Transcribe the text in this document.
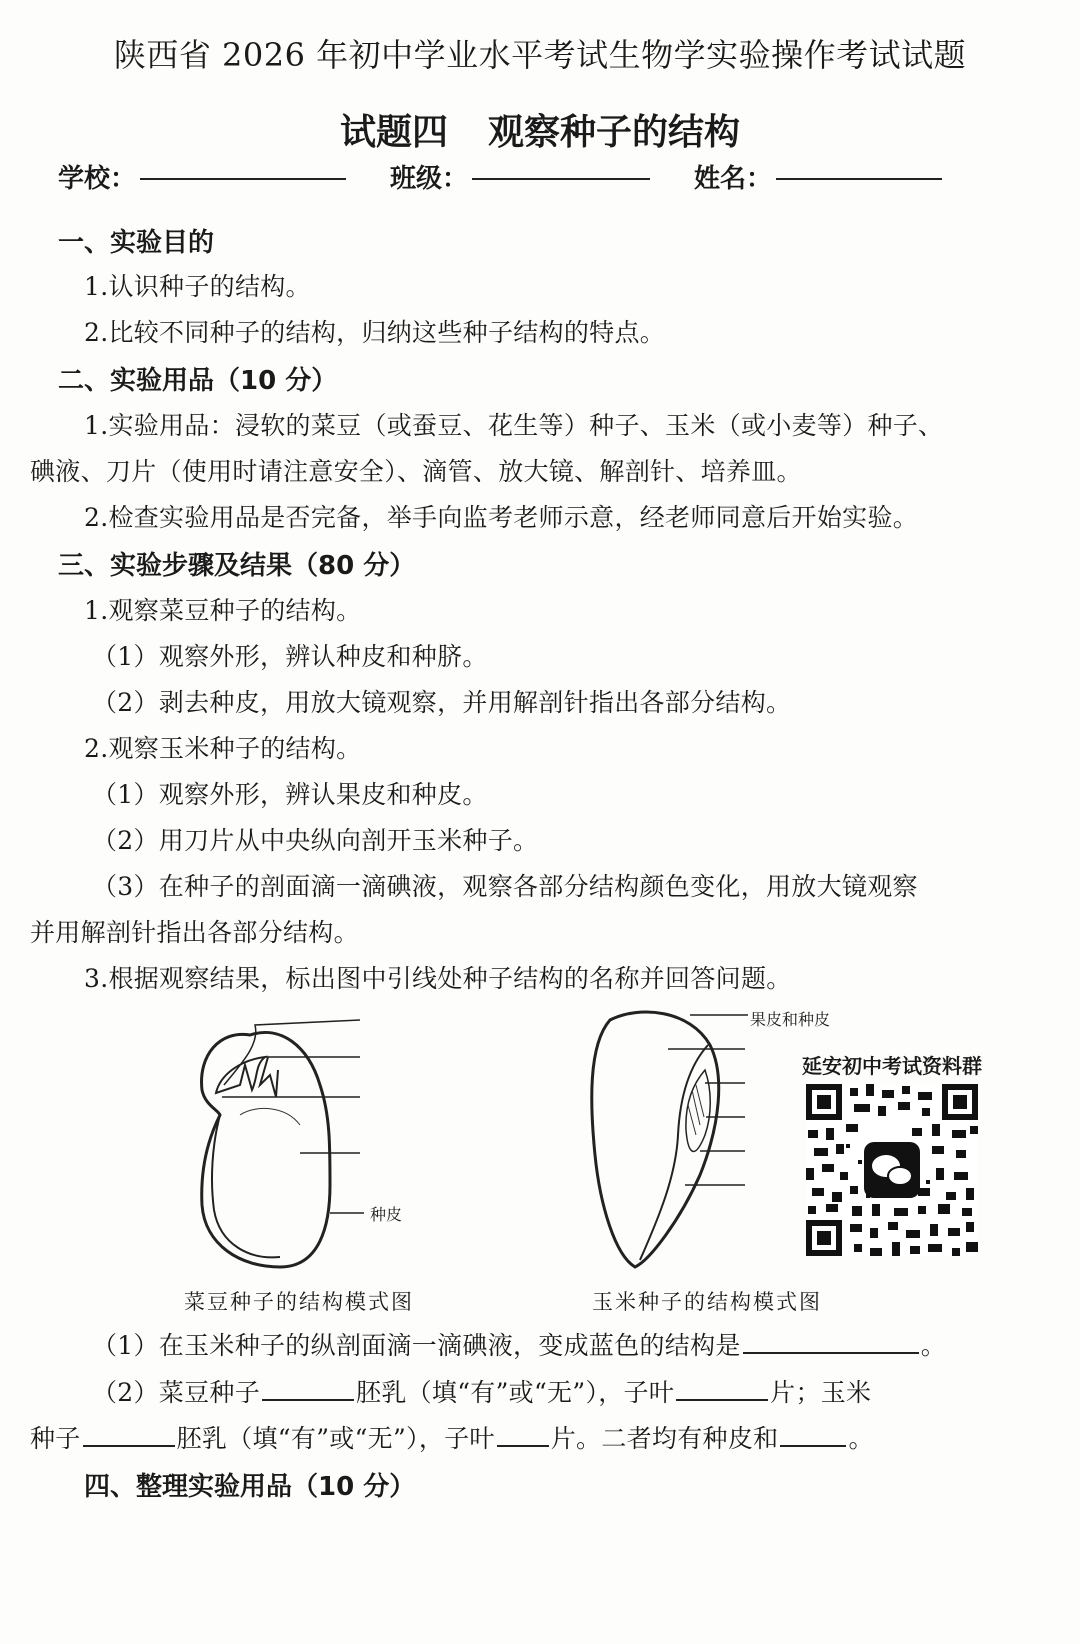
陕西省 2026 年初中学业水平考试生物学实验操作考试试题
试题四 观察种子的结构
学校：	班级：	姓名：
一、实验目的
1.认识种子的结构。
2.比较不同种子的结构，归纳这些种子结构的特点。
二、实验用品（10 分）
1.实验用品：浸软的菜豆（或蚕豆、花生等）种子、玉米（或小麦等）种子、
碘液、刀片（使用时请注意安全）、滴管、放大镜、解剖针、培养皿。
2.检查实验用品是否完备，举手向监考老师示意，经老师同意后开始实验。
三、实验步骤及结果（80 分）
1.观察菜豆种子的结构。
（1）观察外形，辨认种皮和种脐。
（2）剥去种皮，用放大镜观察，并用解剖针指出各部分结构。
2.观察玉米种子的结构。
（1）观察外形，辨认果皮和种皮。
（2）用刀片从中央纵向剖开玉米种子。
（3）在种子的剖面滴一滴碘液，观察各部分结构颜色变化，用放大镜观察
并用解剖针指出各部分结构。
3.根据观察结果，标出图中引线处种子结构的名称并回答问题。
种皮
菜豆种子的结构模式图
果皮和种皮
玉米种子的结构模式图
延安初中考试资料群
（1）在玉米种子的纵剖面滴一滴碘液，变成蓝色的结构是	。
（2）菜豆种子	胚乳（填“有”或“无”），子叶	片；玉米
种子	胚乳（填“有”或“无”），子叶 片。二者均有种皮和	。
四、整理实验用品（10 分）
